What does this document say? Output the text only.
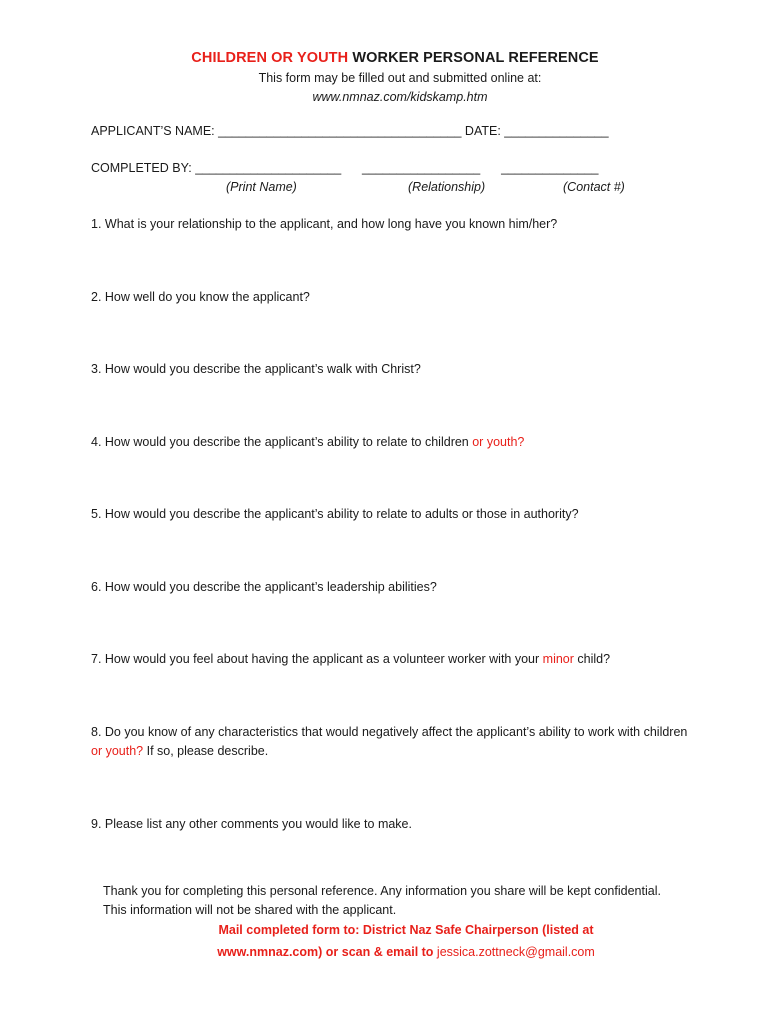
CHILDREN OR YOUTH WORKER PERSONAL REFERENCE
This form may be filled out and submitted online at:
www.nmnaz.com/kidskamp.htm
APPLICANT’S NAME: ___________________________________ DATE: _______________
COMPLETED BY: _____________________ _________________ ______________
(Print Name)	(Relationship)	(Contact #)
1. What is your relationship to the applicant, and how long have you known him/her?
2. How well do you know the applicant?
3. How would you describe the applicant’s walk with Christ?
4. How would you describe the applicant’s ability to relate to children or youth?
5. How would you describe the applicant’s ability to relate to adults or those in authority?
6. How would you describe the applicant’s leadership abilities?
7. How would you feel about having the applicant as a volunteer worker with your minor child?
8. Do you know of any characteristics that would negatively affect the applicant’s ability to work with children or youth? If so, please describe.
9. Please list any other comments you would like to make.
Thank you for completing this personal reference. Any information you share will be kept confidential. This information will not be shared with the applicant.
Mail completed form to: District Naz Safe Chairperson (listed at
www.nmnaz.com) or scan & email to jessica.zottneck@gmail.com
